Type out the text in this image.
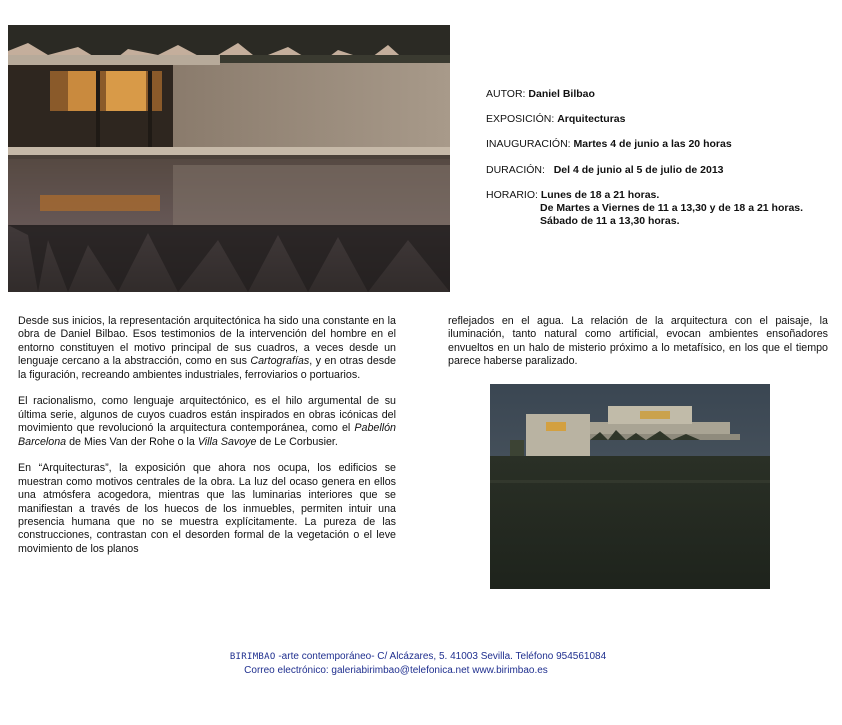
AUTOR: Daniel Bilbao
EXPOSICIÓN: Arquitecturas
INAUGURACIÓN: Martes 4 de junio a las 20 horas
DURACIÓN: Del 4 de junio al 5 de julio de 2013
HORARIO: Lunes de 18 a 21 horas.
De Martes a Viernes de 11 a 13,30 y de 18 a 21 horas.
Sábado de 11 a 13,30 horas.

Desde sus inicios, la representación arquitectónica ha sido una constante en la obra de Daniel Bilbao. Esos testimonios de la intervención del hombre en el entorno constituyen el motivo principal de sus cuadros, a veces desde un lenguaje cercano a la abstracción, como en sus Cartografías, y en otras desde la figuración, recreando ambientes industriales, ferroviarios o portuarios.

El racionalismo, como lenguaje arquitectónico, es el hilo argumental de su última serie, algunos de cuyos cuadros están inspirados en obras icónicas del movimiento que revolucionó la arquitectura contemporánea, como el Pabellón Barcelona de Mies Van der Rohe o la Villa Savoye de Le Corbusier.

En “Arquitecturas”, la exposición que ahora nos ocupa, los edificios se muestran como motivos centrales de la obra. La luz del ocaso genera en ellos una atmósfera acogedora, mientras que las luminarias interiores que se manifiestan a través de los huecos de los inmuebles, permiten intuir una presencia humana que no se muestra explícitamente. La pureza de las construcciones, contrastan con el desorden formal de la vegetación o el leve movimiento de los planos

reflejados en el agua. La relación de la arquitectura con el paisaje, la iluminación, tanto natural como artificial, evocan ambientes ensoñadores envueltos en un halo de misterio próximo a lo metafísico, en los que el tiempo parece haberse paralizado.

BIRIMBAO -arte contemporáneo- C/ Alcázares, 5. 41003 Sevilla. Teléfono 954561084
Correo electrónico: galeriabirimbao@telefonica.net www.birimbao.es
